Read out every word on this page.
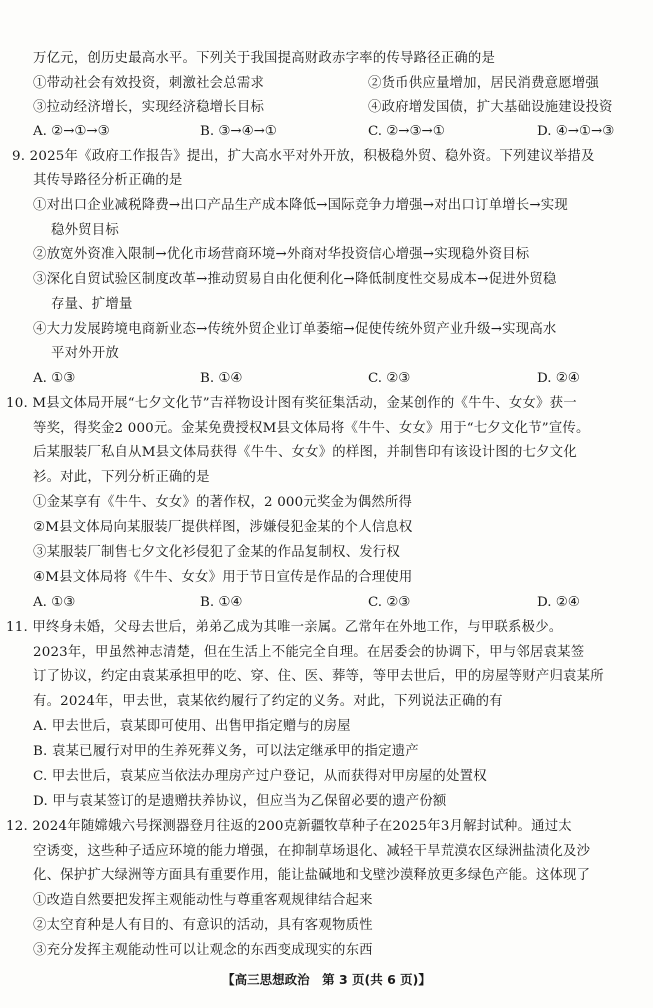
万亿元，创历史最高水平。下列关于我国提高财政赤字率的传导路径正确的是
①带动社会有效投资，刺激社会总需求	②货币供应量增加，居民消费意愿增强
③拉动经济增长，实现经济稳增长目标	④政府增发国债，扩大基础设施建设投资
A. ②→①→③	B. ③→④→①	C. ②→③→①	D. ④→①→③
9. 2025年《政府工作报告》提出，扩大高水平对外开放，积极稳外贸、稳外资。下列建议举措及
其传导路径分析正确的是
①对出口企业减税降费→出口产品生产成本降低→国际竞争力增强→对出口订单增长→实现
稳外贸目标
②放宽外资准入限制→优化市场营商环境→外商对华投资信心增强→实现稳外资目标
③深化自贸试验区制度改革→推动贸易自由化便利化→降低制度性交易成本→促进外贸稳
存量、扩增量
④大力发展跨境电商新业态→传统外贸企业订单萎缩→促使传统外贸产业升级→实现高水
平对外开放
A. ①③	B. ①④	C. ②③	D. ②④
10. M县文体局开展“七夕文化节”吉祥物设计图有奖征集活动，金某创作的《牛牛、女女》获一
等奖，得奖金2 000元。金某免费授权M县文体局将《牛牛、女女》用于“七夕文化节”宣传。
后某服装厂私自从M县文体局获得《牛牛、女女》的样图，并制售印有该设计图的七夕文化
衫。对此，下列分析正确的是
①金某享有《牛牛、女女》的著作权，2 000元奖金为偶然所得
②M县文体局向某服装厂提供样图，涉嫌侵犯金某的个人信息权
③某服装厂制售七夕文化衫侵犯了金某的作品复制权、发行权
④M县文体局将《牛牛、女女》用于节日宣传是作品的合理使用
A. ①③	B. ①④	C. ②③	D. ②④
11. 甲终身未婚，父母去世后，弟弟乙成为其唯一亲属。乙常年在外地工作，与甲联系极少。
2023年，甲虽然神志清楚，但在生活上不能完全自理。在居委会的协调下，甲与邻居袁某签
订了协议，约定由袁某承担甲的吃、穿、住、医、葬等，等甲去世后，甲的房屋等财产归袁某所
有。2024年，甲去世，袁某依约履行了约定的义务。对此，下列说法正确的有
A. 甲去世后，袁某即可使用、出售甲指定赠与的房屋
B. 袁某已履行对甲的生养死葬义务，可以法定继承甲的指定遗产
C. 甲去世后，袁某应当依法办理房产过户登记，从而获得对甲房屋的处置权
D. 甲与袁某签订的是遗赠扶养协议，但应当为乙保留必要的遗产份额
12. 2024年随嫦娥六号探测器登月往返的200克新疆牧草种子在2025年3月解封试种。通过太
空诱变，这些种子适应环境的能力增强，在抑制草场退化、减轻干旱荒漠农区绿洲盐渍化及沙
化、保护扩大绿洲等方面具有重要作用，能让盐碱地和戈壁沙漠释放更多绿色产能。这体现了
①改造自然要把发挥主观能动性与尊重客观规律结合起来
②太空育种是人有目的、有意识的活动，具有客观物质性
③充分发挥主观能动性可以让观念的东西变成现实的东西
【高三思想政治　第 3 页(共 6 页)】
